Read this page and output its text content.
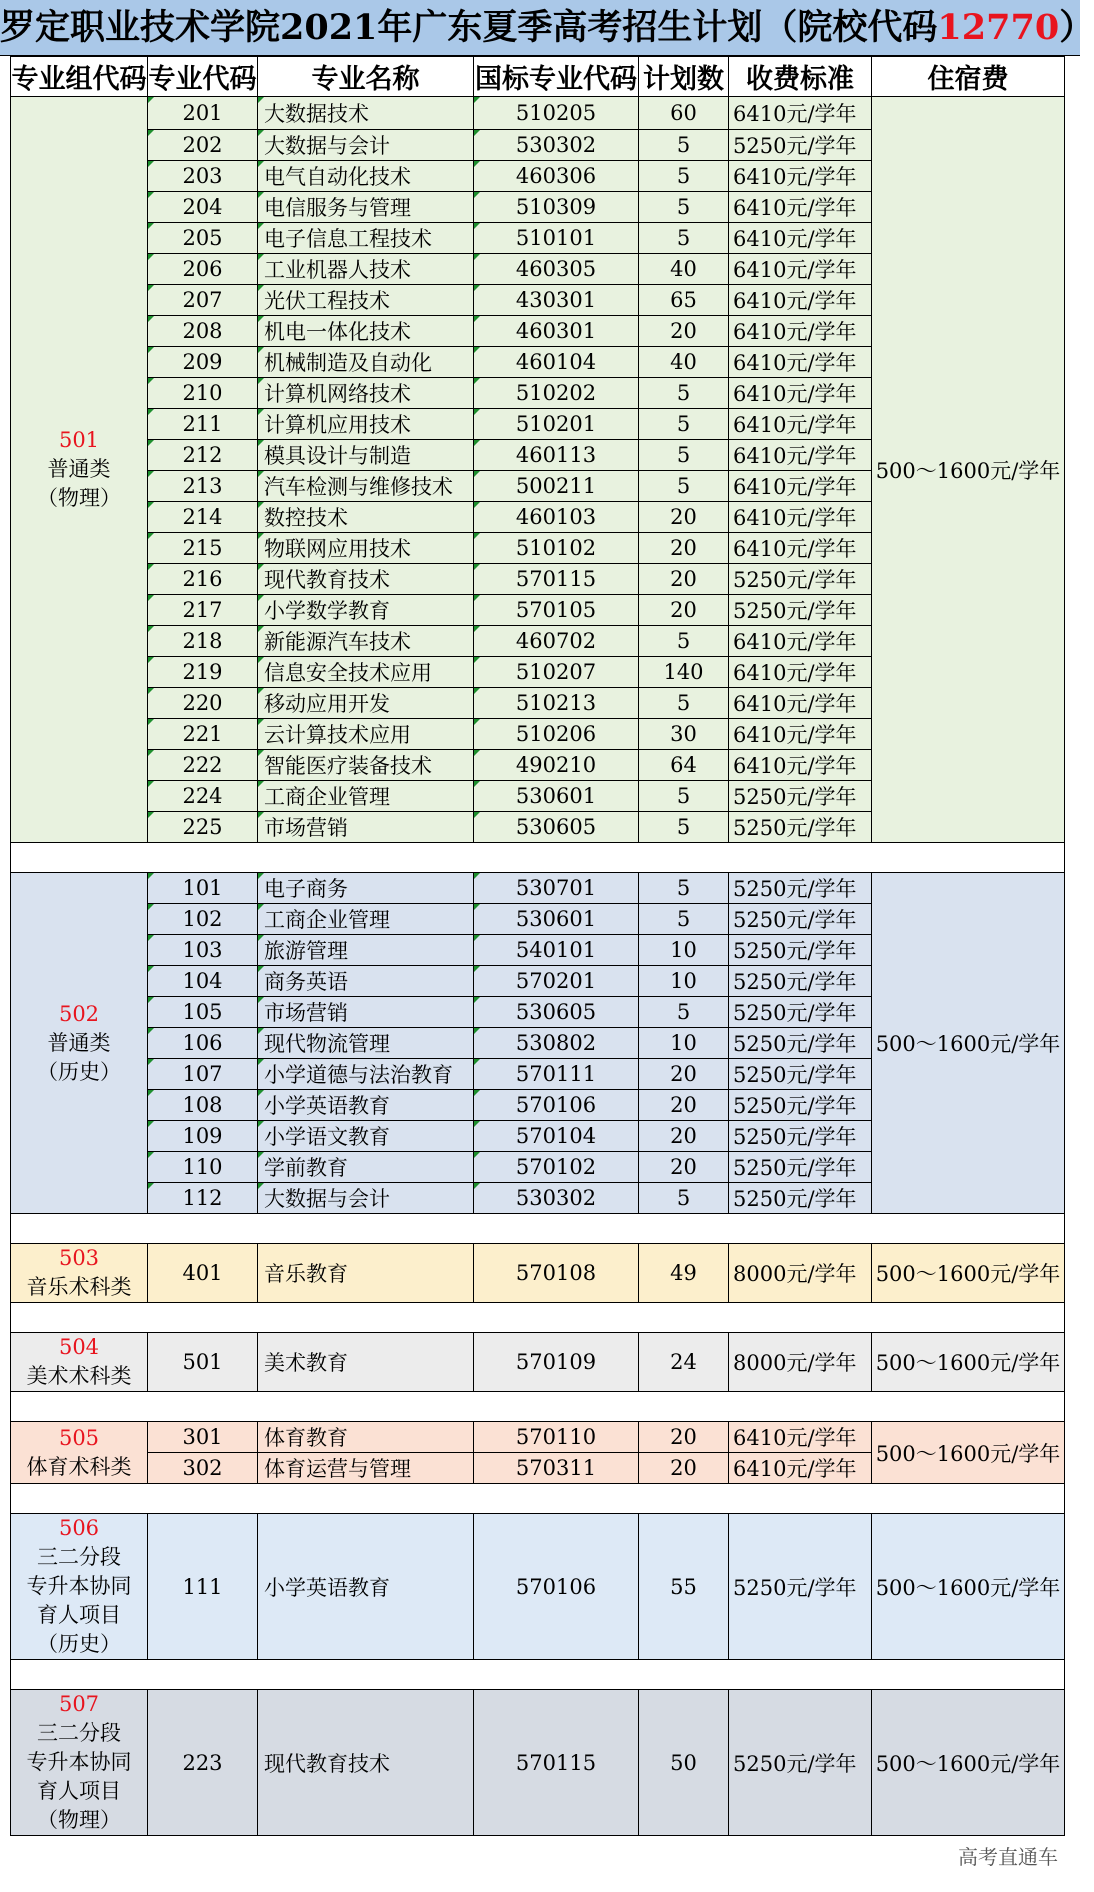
罗定职业技术学院2021年广东夏季高考招生计划（院校代码12770）
专业组代码	专业代码	专业名称	国标专业代码	计划数	收费标准	住宿费

501
普通类
（物理）	201	大数据技术	510205	60	6410元/学年	500～1600元/学年
	202	大数据与会计	530302	5	5250元/学年	
	203	电气自动化技术	460306	5	6410元/学年	
	204	电信服务与管理	510309	5	6410元/学年	
	205	电子信息工程技术	510101	5	6410元/学年	
	206	工业机器人技术	460305	40	6410元/学年	
	207	光伏工程技术	430301	65	6410元/学年	
	208	机电一体化技术	460301	20	6410元/学年	
	209	机械制造及自动化	460104	40	6410元/学年	
	210	计算机网络技术	510202	5	6410元/学年	
	211	计算机应用技术	510201	5	6410元/学年	
	212	模具设计与制造	460113	5	6410元/学年	
	213	汽车检测与维修技术	500211	5	6410元/学年	
	214	数控技术	460103	20	6410元/学年	
	215	物联网应用技术	510102	20	6410元/学年	
	216	现代教育技术	570115	20	5250元/学年	
	217	小学数学教育	570105	20	5250元/学年	
	218	新能源汽车技术	460702	5	6410元/学年	
	219	信息安全技术应用	510207	140	6410元/学年	
	220	移动应用开发	510213	5	6410元/学年	
	221	云计算技术应用	510206	30	6410元/学年	
	222	智能医疗装备技术	490210	64	6410元/学年	
	224	工商企业管理	530601	5	5250元/学年	
	225	市场营销	530605	5	5250元/学年	

502
普通类
（历史）	101	电子商务	530701	5	5250元/学年	500～1600元/学年
	102	工商企业管理	530601	5	5250元/学年	
	103	旅游管理	540101	10	5250元/学年	
	104	商务英语	570201	10	5250元/学年	
	105	市场营销	530605	5	5250元/学年	
	106	现代物流管理	530802	10	5250元/学年	
	107	小学道德与法治教育	570111	20	5250元/学年	
	108	小学英语教育	570106	20	5250元/学年	
	109	小学语文教育	570104	20	5250元/学年	
	110	学前教育	570102	20	5250元/学年	
	112	大数据与会计	530302	5	5250元/学年	

503
音乐术科类	401	音乐教育	570108	49	8000元/学年	500～1600元/学年

504
美术术科类	501	美术教育	570109	24	8000元/学年	500～1600元/学年

505
体育术科类	301	体育教育	570110	20	6410元/学年	500～1600元/学年
	302	体育运营与管理	570311	20	6410元/学年	

506
三二分段
专升本协同
育人项目
（历史）	111	小学英语教育	570106	55	5250元/学年	500～1600元/学年

507
三二分段
专升本协同
育人项目
（物理）	223	现代教育技术	570115	50	5250元/学年	500～1600元/学年
高考直通车
